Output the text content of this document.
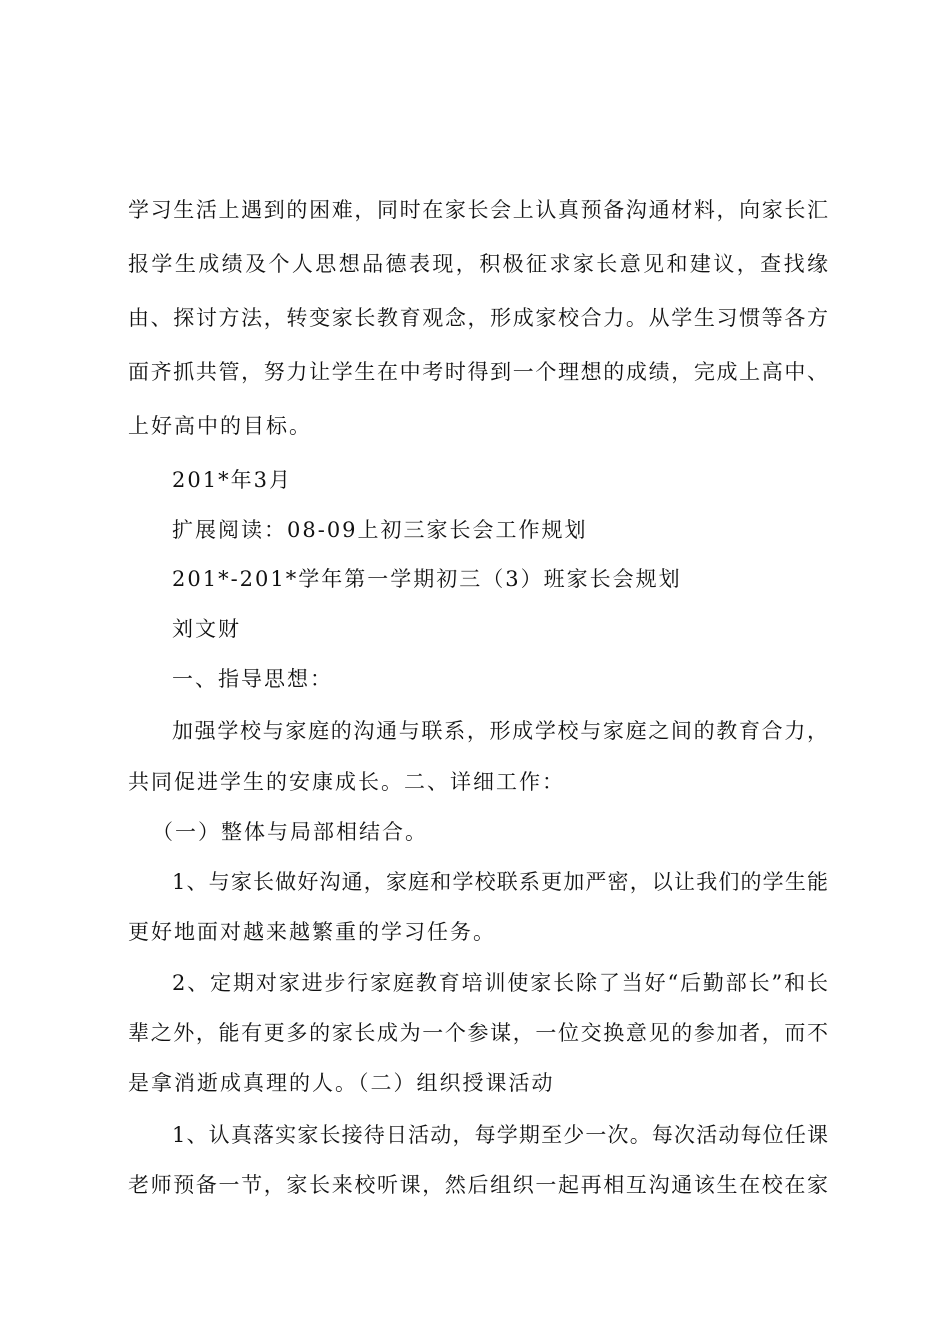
学习生活上遇到的困难，同时在家长会上认真预备沟通材料，向家长汇
报学生成绩及个人思想品德表现，积极征求家长意见和建议，查找缘
由、探讨方法，转变家长教育观念，形成家校合力。从学生习惯等各方
面齐抓共管，努力让学生在中考时得到一个理想的成绩，完成上高中、
上好高中的目标。
201*年3月
扩展阅读：08-09上初三家长会工作规划
201*-201*学年第一学期初三（3）班家长会规划
刘文财
一、指导思想：
加强学校与家庭的沟通与联系，形成学校与家庭之间的教育合力，
共同促进学生的安康成长。二、详细工作：
（一）整体与局部相结合。
1、与家长做好沟通，家庭和学校联系更加严密，以让我们的学生能
更好地面对越来越繁重的学习任务。
2、定期对家进步行家庭教育培训使家长除了当好“后勤部长”和长
辈之外，能有更多的家长成为一个参谋，一位交换意见的参加者，而不
是拿消逝成真理的人。（二）组织授课活动
1、认真落实家长接待日活动，每学期至少一次。每次活动每位任课
老师预备一节，家长来校听课，然后组织一起再相互沟通该生在校在家
